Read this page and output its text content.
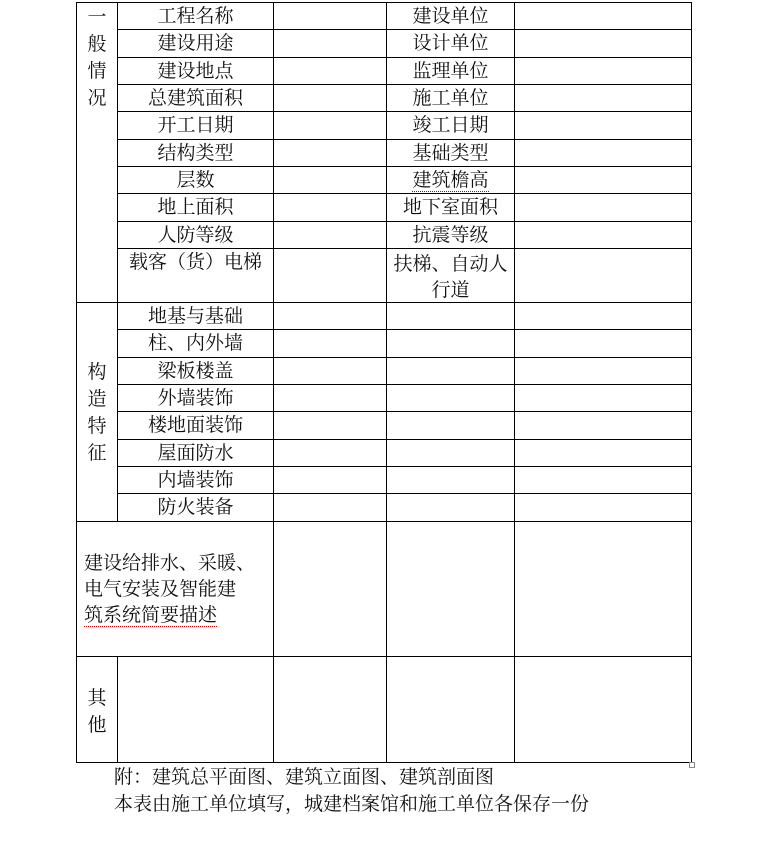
一
般
情
况
工程名称
建设用途
建设地点
总建筑面积
开工日期
结构类型
层数
地上面积
人防等级
载客（货）电梯
建设单位
设计单位
监理单位
施工单位
竣工日期
基础类型
建筑檐高
地下室面积
抗震等级
扶梯、自动人行道
构
造
特
征
地基与基础
柱、内外墙
梁板楼盖
外墙装饰
楼地面装饰
屋面防水
内墙装饰
防火装备
建设给排水、采暖、
电气安装及智能建
筑系统简要描述
其
他
附：建筑总平面图、建筑立面图、建筑剖面图
本表由施工单位填写，城建档案馆和施工单位各保存一份
